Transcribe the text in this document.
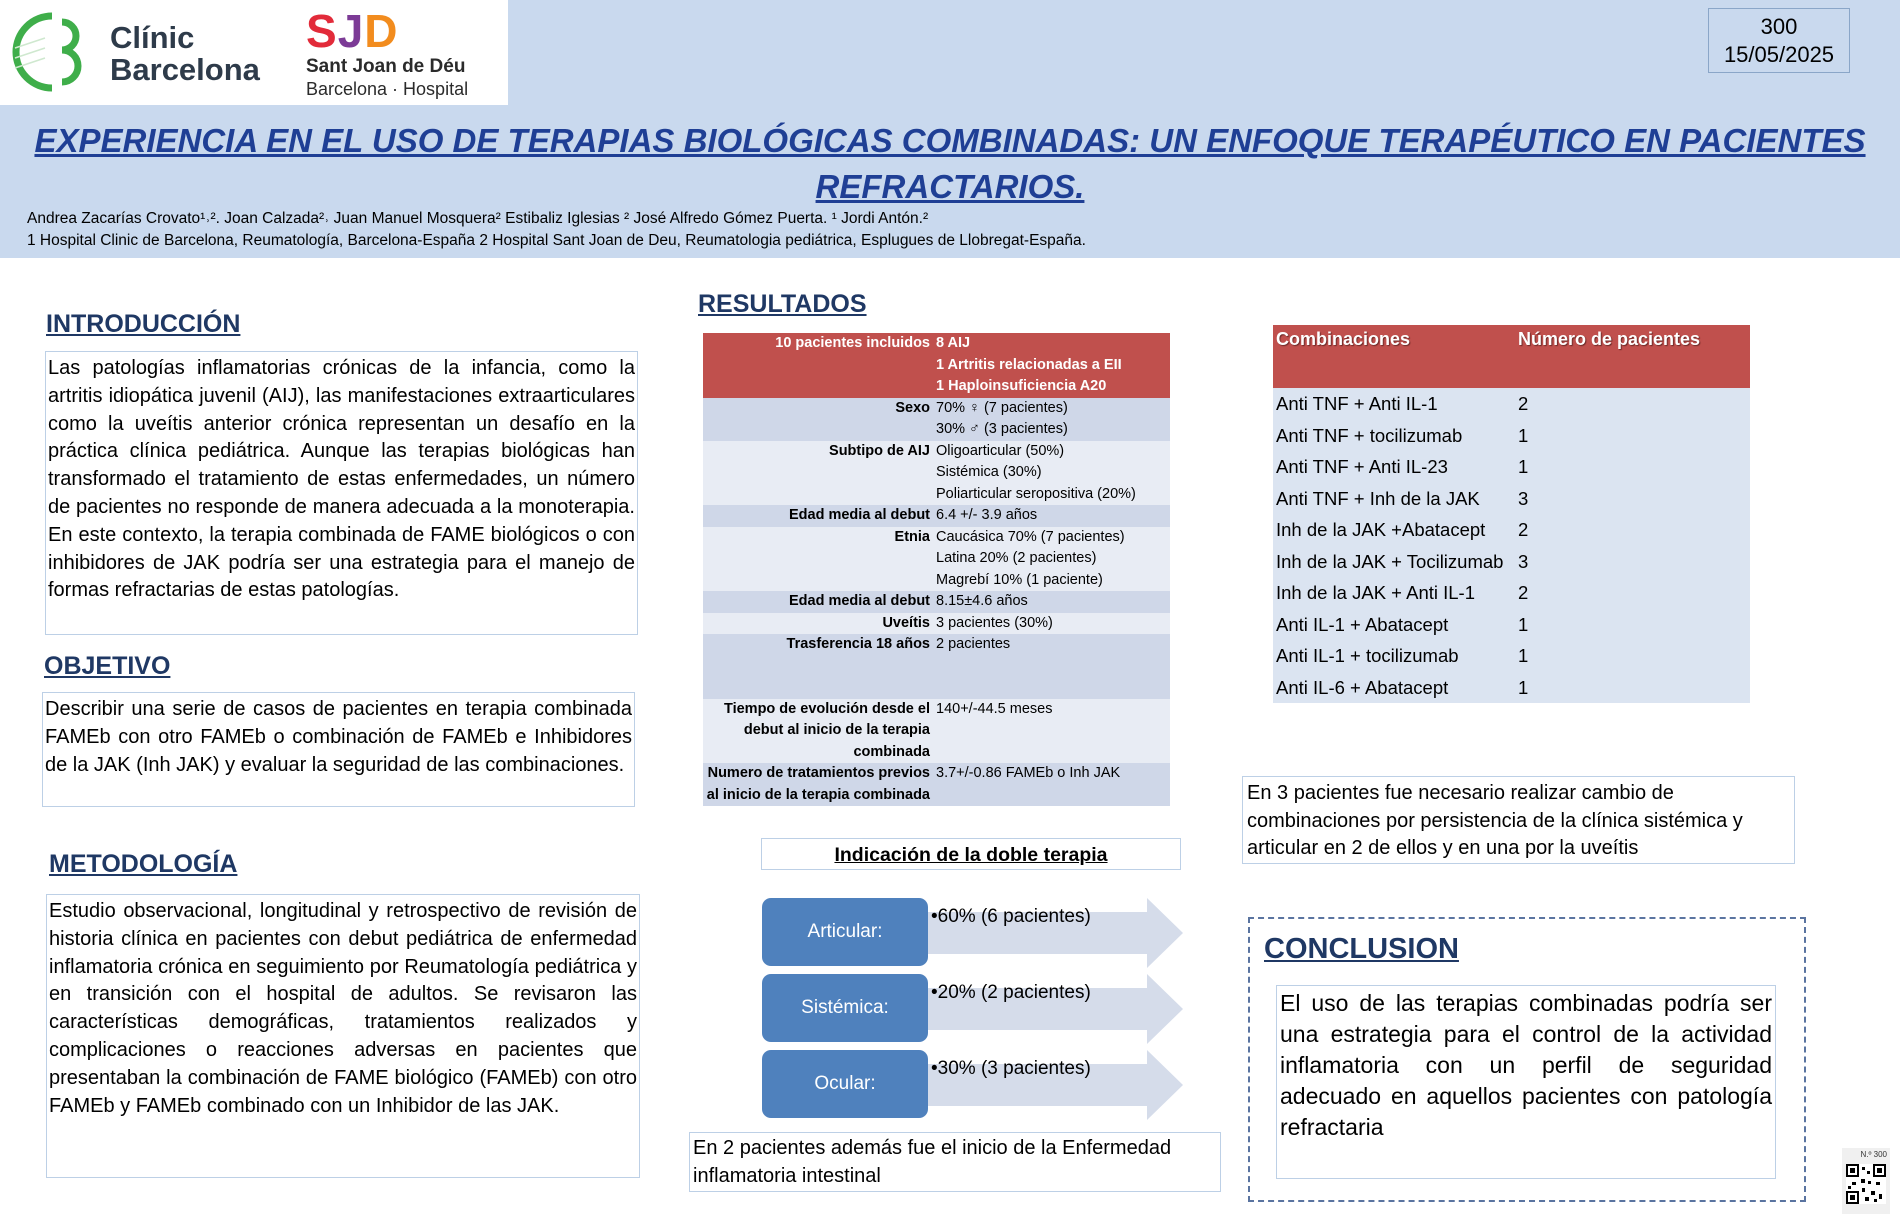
Clínic Barcelona
SJD
Sant Joan de Déu
Barcelona · Hospital
300
15/05/2025
EXPERIENCIA EN EL USO DE TERAPIAS BIOLÓGICAS COMBINADAS: UN ENFOQUE TERAPÉUTICO EN PACIENTES REFRACTARIOS.
Andrea Zacarías Crovato¹˒². Joan Calzada²˒ Juan Manuel Mosquera² Estibaliz Iglesias ² José Alfredo Gómez Puerta. ¹ Jordi Antón.²
1 Hospital Clinic de Barcelona, Reumatología, Barcelona-España 2 Hospital Sant Joan de Deu, Reumatologia pediátrica, Esplugues de Llobregat-España.
INTRODUCCIÓN
Las patologías inflamatorias crónicas de la infancia, como la artritis idiopática juvenil (AIJ), las manifestaciones extraarticulares como la uveítis anterior crónica representan un desafío en la práctica clínica pediátrica. Aunque las terapias biológicas han transformado el tratamiento de estas enfermedades, un número de pacientes no responde de manera adecuada a la monoterapia. En este contexto, la terapia combinada de FAME biológicos o con inhibidores de JAK podría ser una estrategia para el manejo de formas refractarias de estas patologías.
OBJETIVO
Describir una serie de casos de pacientes en terapia combinada FAMEb con otro FAMEb o combinación de FAMEb e Inhibidores de la JAK (Inh JAK) y evaluar la seguridad de las combinaciones.
METODOLOGÍA
Estudio observacional, longitudinal y retrospectivo de revisión de historia clínica en pacientes con debut pediátrica de enfermedad inflamatoria crónica en seguimiento por Reumatología pediátrica y en transición con el hospital de adultos. Se revisaron las características demográficas, tratamientos realizados y complicaciones o reacciones adversas en pacientes que presentaban la combinación de FAME biológico (FAMEb) con otro FAMEb y FAMEb combinado con un Inhibidor de las JAK.
RESULTADOS
10 pacientes incluidos 8 AIJ
1 Artritis relacionadas a EII
1 Haploinsuficiencia A20
Sexo 70% ♀ (7 pacientes)
30% ♂ (3 pacientes)
Subtipo de AIJ Oligoarticular (50%)
Sistémica (30%)
Poliarticular seropositiva (20%)
Edad media al debut 6.4 +/- 3.9 años
Etnia Caucásica 70% (7 pacientes)
Latina 20% (2 pacientes)
Magrebí 10% (1 paciente)
Edad media al debut 8.15±4.6 años
Uveítis 3 pacientes (30%)
Trasferencia 18 años 2 pacientes

Tiempo de evolución desde el debut al inicio de la terapia combinada
140+/-44.5 meses
Numero de tratamientos previos al inicio de la terapia combinada
3.7+/-0.86 FAMEb o Inh JAK
Indicación de la doble terapia
•60% (6 pacientes)
Articular:
•20% (2 pacientes)
Sistémica:
•30% (3 pacientes)
Ocular:
En 2 pacientes además fue el inicio de la Enfermedad inflamatoria intestinal
Combinaciones	Número de pacientes
Anti TNF + Anti IL-1	2
Anti TNF + tocilizumab	1
Anti TNF + Anti IL-23	1
Anti TNF + Inh de la JAK	3
Inh de la JAK +Abatacept	2
Inh de la JAK + Tocilizumab 3
Inh de la JAK + Anti IL-1	2
Anti IL-1 + Abatacept	1
Anti IL-1 + tocilizumab	1
Anti IL-6 + Abatacept	1
En 3 pacientes fue necesario realizar cambio de combinaciones por persistencia de la clínica sistémica y articular en 2 de ellos y en una por la uveítis
CONCLUSION
El uso de las terapias combinadas podría ser una estrategia para el control de la actividad inflamatoria con un perfil de seguridad adecuado en aquellos pacientes con patología refractaria
N.º 300
